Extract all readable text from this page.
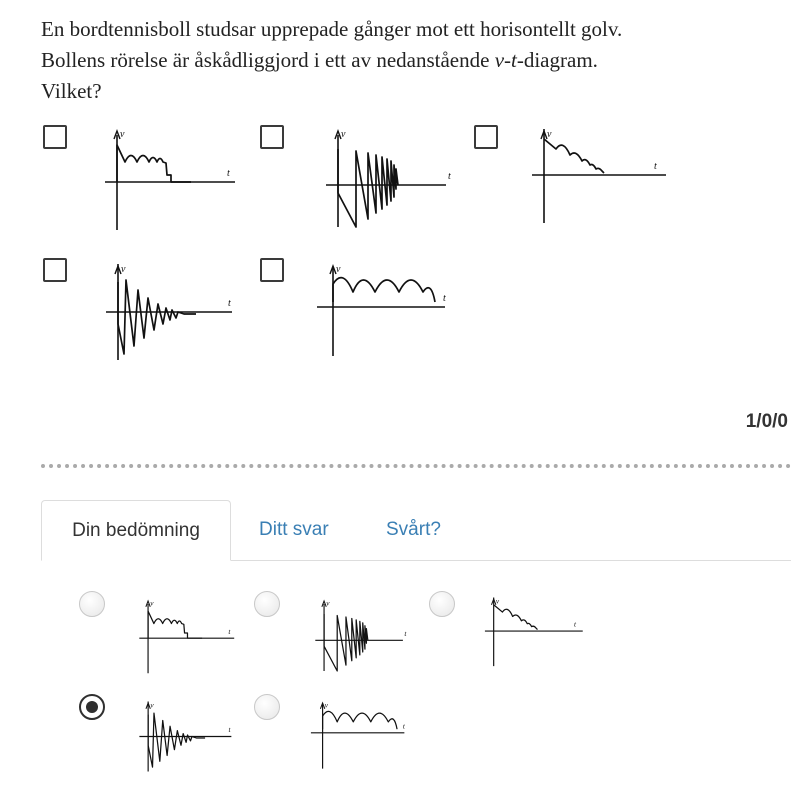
En bordtennisboll studsar upprepade gånger mot ett horisontellt golv.

Bollens rörelse är åskådliggjord i ett av nedanstående v-t-diagram.

Vilket?

v
t
v
t
v
t
v
t
v
t
1/0/0
Din bedömning	Ditt svar	Svårt?
v
t
v
t
v
t
v
t
v
t
